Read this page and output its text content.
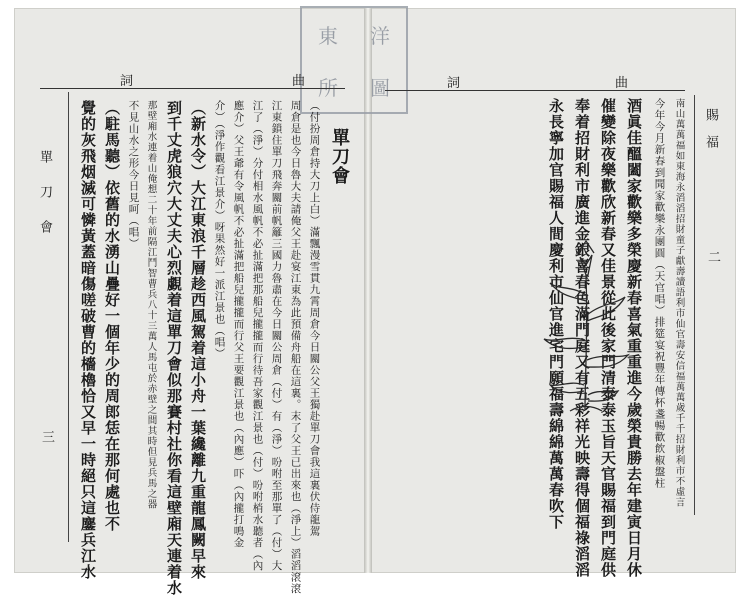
東 洋
所 圖
詞	曲
單刀會
（付扮周倉持大刀上白）滿飄漫雪貫九霄周倉今日關公父王獨赴單刀會我這裏伏侍龍駕
周倉是也今日魯大夫請俺父王赴宴江東為此預備舟船在這裏。末了父王已出來也（淨上）滔滔滾滾
江東鎖住單刀飛奔關前帆籬三國力魯肅在今日關公周倉（付）有（淨）吩咐至那單了（付）大
江了（淨）分付相水風帆不必扯滿把那船兒攏攏而行待吾家觀江景也（付）吩咐梢水聽者（內
應介）父王爺有令風帆不必扯滿把船兒攏攏而行父王要觀江景也（內應）吓（內攏打鳴金
介）（淨作觀看江景介）呀果然好一派江景也（唱）
（新水令）大江東浪千層趁西風駕着這小舟一葉纔離九重龍鳳闕早來
到千丈虎狼穴大丈夫心烈覷着這單刀會似那賽村社你看這壁廂天連着水
那壁廂水連着山俺想二十年前隔江鬥智曹兵八十三萬人馬屯於赤壁之間其時但見兵馬之器
不見山水之形今日見呵（唱）
（駐馬聽）依舊的水湧山疊好一個年少的周郎恁在那何處也不
覺的灰飛烟滅可憐黃蓋暗傷嗟破曹的檣櫓恰又早一時絕只這鏖兵江水
單刀會
三
詞	曲
賜福
二
南山萬萬福如東海永滔滔招財童子獻壽讀語利市仙官壽安信福萬萬歲千千招財利市不虛言
今年今月新春到聞家歡樂永團圓（天官唱）排筵宴祝豐年傳杯盞暢歡飲椒盤柱
酒眞佳醞闔家歡樂多榮慶新春喜氣重重進今歲榮貴勝去年建寅日月休
催變除夜樂歡欣新春又佳景從此後家門清泰泰玉旨天官賜福到門庭供
奉着招財利市廣進金銀喜春色滿門庭又有五彩祥光映壽得個福祿滔滔
永長寧加官賜福人間慶利市仙官進宅門願福壽綿綿萬萬春吹下
